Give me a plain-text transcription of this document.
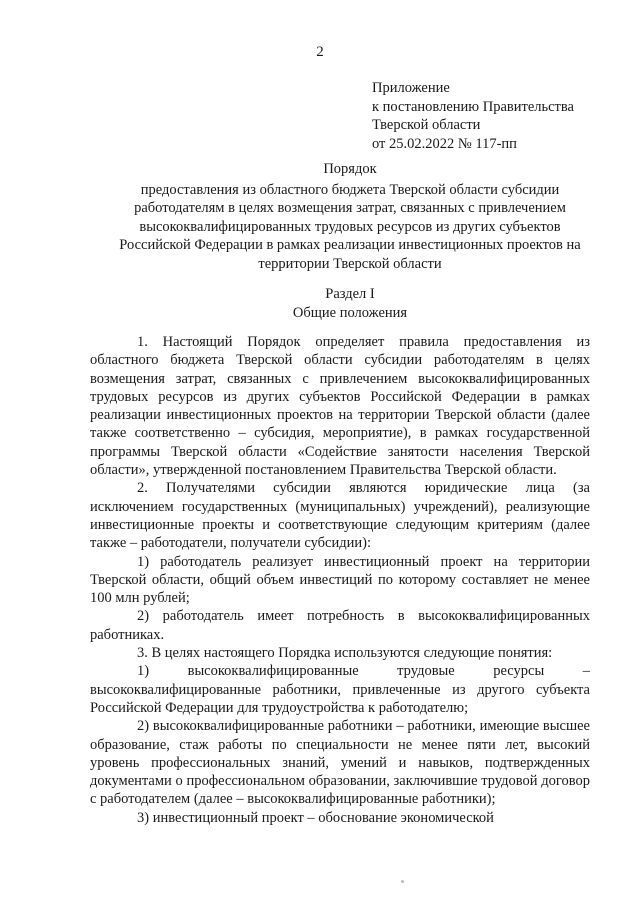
2
Приложение
к постановлению Правительства
Тверской области
от 25.02.2022 № 117-пп
Порядок
предоставления из областного бюджета Тверской области субсидии
работодателям в целях возмещения затрат, связанных с привлечением
высококвалифицированных трудовых ресурсов из других субъектов
Российской Федерации в рамках реализации инвестиционных проектов на
территории Тверской области
Раздел I
Общие положения

1. Настоящий Порядок определяет правила предоставления из областного бюджета Тверской области субсидии работодателям в целях возмещения затрат, связанных с привлечением высококвалифицированных трудовых ресурсов из других субъектов Российской Федерации в рамках реализации инвестиционных проектов на территории Тверской области (далее также соответственно – субсидия, мероприятие), в рамках государственной программы Тверской области «Содействие занятости населения Тверской области», утвержденной постановлением Правительства Тверской области.

2. Получателями субсидии являются юридические лица (за исключением государственных (муниципальных) учреждений), реализующие инвестиционные проекты и соответствующие следующим критериям (далее также – работодатели, получатели субсидии):

1) работодатель реализует инвестиционный проект на территории Тверской области, общий объем инвестиций по которому составляет не менее 100 млн рублей;

2) работодатель имеет потребность в высококвалифицированных работниках.

3. В целях настоящего Порядка используются следующие понятия:

1) высококвалифицированные трудовые ресурсы – высококвалифицированные работники, привлеченные из другого субъекта Российской Федерации для трудоустройства к работодателю;

2) высококвалифицированные работники – работники, имеющие высшее образование, стаж работы по специальности не менее пяти лет, высокий уровень профессиональных знаний, умений и навыков, подтвержденных документами о профессиональном образовании, заключившие трудовой договор с работодателем (далее – высококвалифицированные работники);

3) инвестиционный проект – обоснование экономической
